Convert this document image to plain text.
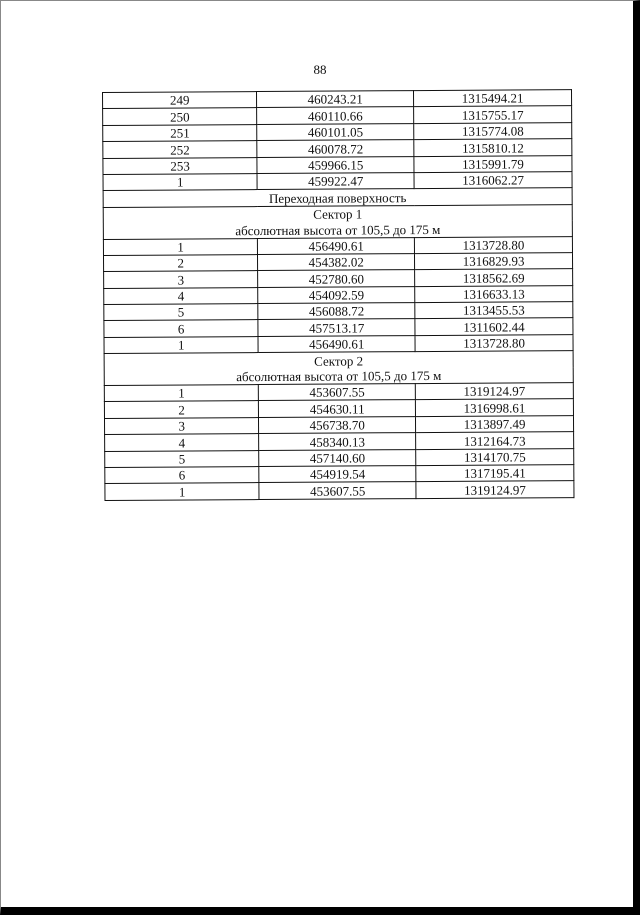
88
249	460243.21	1315494.21
250	460110.66	1315755.17
251	460101.05	1315774.08
252	460078.72	1315810.12
253	459966.15	1315991.79
1	459922.47	1316062.27
Переходная поверхность		
Сектор 1		
абсолютная высота от 105,5 до 175 м		
1	456490.61	1313728.80
2	454382.02	1316829.93
3	452780.60	1318562.69
4	454092.59	1316633.13
5	456088.72	1313455.53
6	457513.17	1311602.44
1	456490.61	1313728.80
Сектор 2		
абсолютная высота от 105,5 до 175 м		
1	453607.55	1319124.97
2	454630.11	1316998.61
3	456738.70	1313897.49
4	458340.13	1312164.73
5	457140.60	1314170.75
6	454919.54	1317195.41
1	453607.55	1319124.97
